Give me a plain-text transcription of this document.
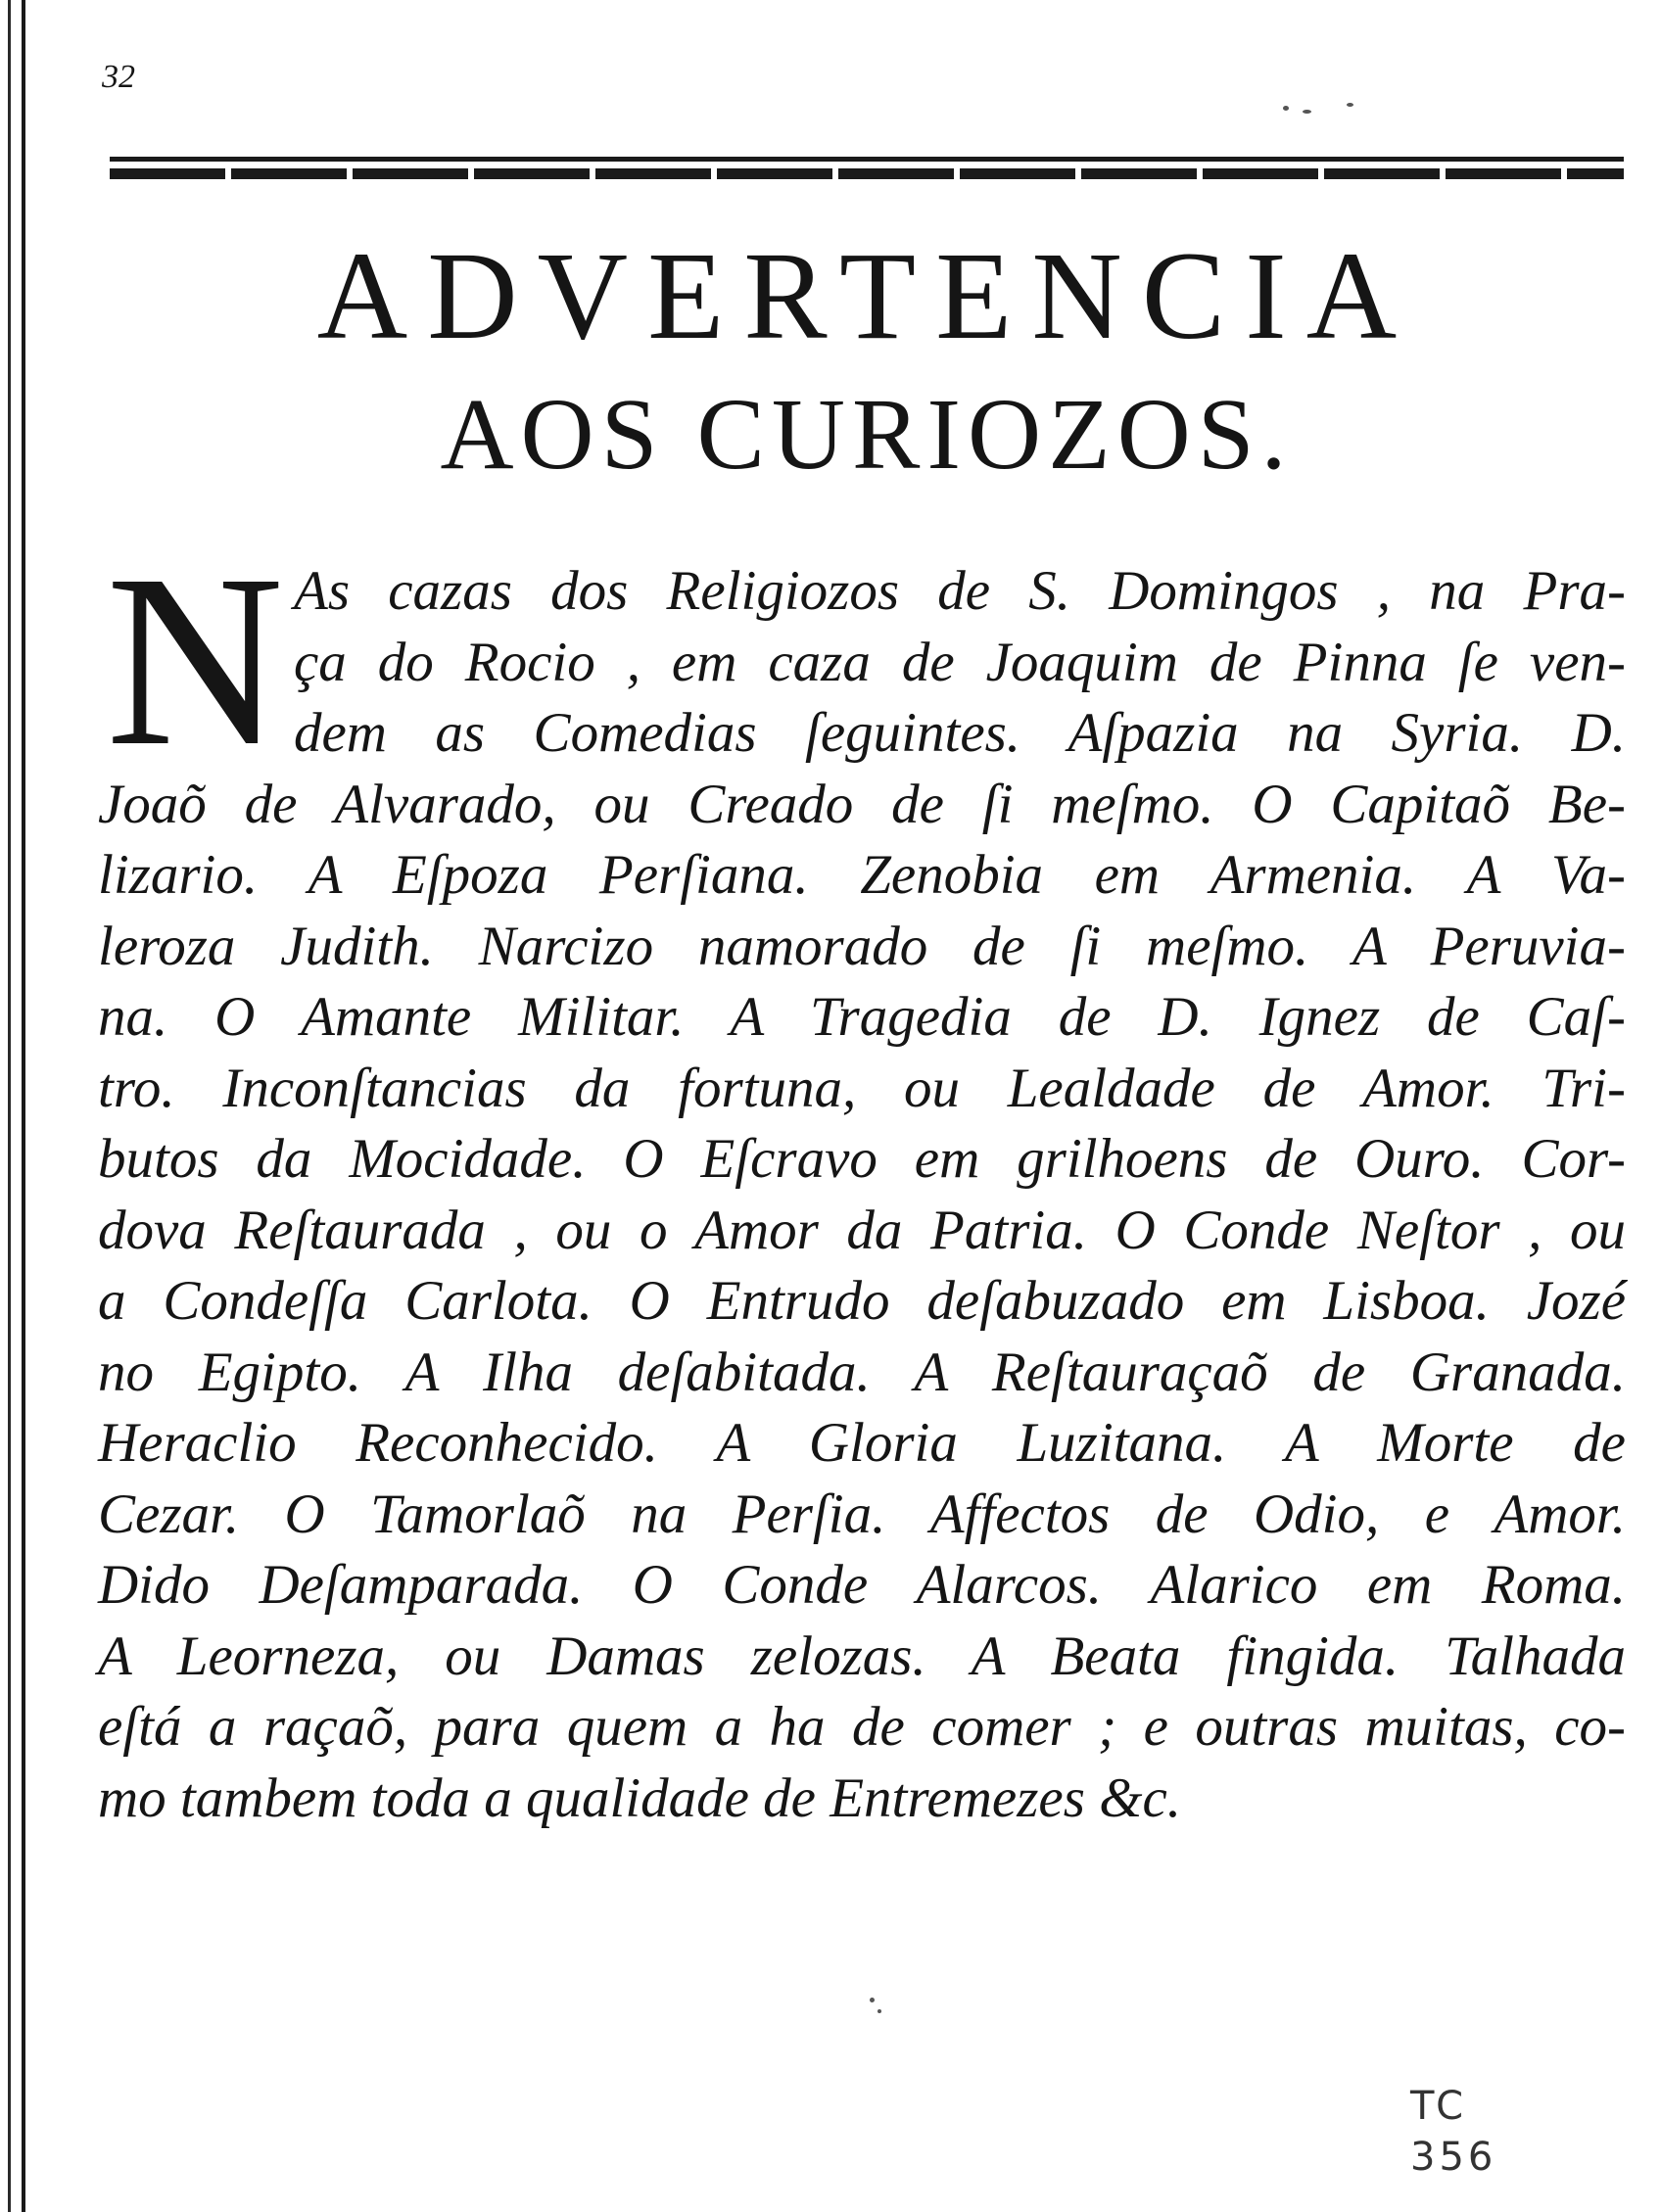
32
ADVERTENCIA
AOS CURIOZOS.
N As cazas dos Religiozos de S. Domingos , na Pra-
ça do Rocio , em caza de Joaquim de Pinna ſe ven-
dem as Comedias ſeguintes. Aſpazia na Syria. D.
Joaõ de Alvarado, ou Creado de ſi meſmo. O Capitaõ Be-
lizario. A Eſpoza Perſiana. Zenobia em Armenia. A Va-
leroza Judith. Narcizo namorado de ſi meſmo. A Peruvia-
na. O Amante Militar. A Tragedia de D. Ignez de Caſ-
tro. Inconſtancias da fortuna, ou Lealdade de Amor. Tri-
butos da Mocidade. O Eſcravo em grilhoens de Ouro. Cor-
dova Reſtaurada , ou o Amor da Patria. O Conde Neſtor , ou
a Condeſſa Carlota. O Entrudo deſabuzado em Lisboa. Jozé
no Egipto. A Ilha deſabitada. A Reſtauraçaõ de Granada.
Heraclio Reconhecido. A Gloria Luzitana. A Morte de
Cezar. O Tamorlaõ na Perſia. Affectos de Odio, e Amor.
Dido Deſamparada. O Conde Alarcos. Alarico em Roma.
A Leorneza, ou Damas zelozas. A Beata fingida. Talhada
eſtá a raçaõ, para quem a ha de comer ; e outras muitas, co-
mo tambem toda a qualidade de Entremezes &c.
TC
356
